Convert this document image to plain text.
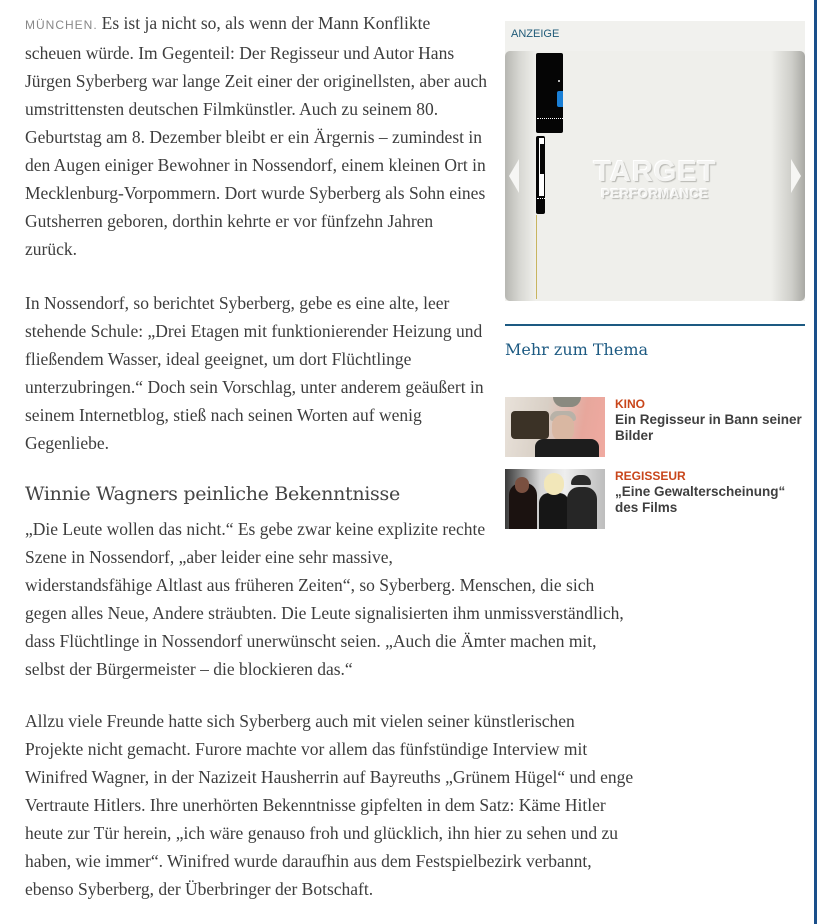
MÜNCHEN. Es ist ja nicht so, als wenn der Mann Konflikte scheuen würde. Im Gegenteil: Der Regisseur und Autor Hans Jürgen Syberberg war lange Zeit einer der originellsten, aber auch umstrittensten deutschen Filmkünstler. Auch zu seinem 80. Geburtstag am 8. Dezember bleibt er ein Ärgernis – zumindest in den Augen einiger Bewohner in Nossendorf, einem kleinen Ort in Mecklenburg-Vorpommern. Dort wurde Syberberg als Sohn eines Gutsherren geboren, dorthin kehrte er vor fünfzehn Jahren zurück.

In Nossendorf, so berichtet Syberberg, gebe es eine alte, leer stehende Schule: „Drei Etagen mit funktionierender Heizung und fließendem Wasser, ideal geeignet, um dort Flüchtlinge unterzubringen.“ Doch sein Vorschlag, unter anderem geäußert in seinem Internetblog, stieß nach seinen Worten auf wenig Gegenliebe.

Winnie Wagners peinliche Bekenntnisse

„Die Leute wollen das nicht.“ Es gebe zwar keine explizite rechte Szene in Nossendorf, „aber leider eine sehr massive,
widerstandsfähige Altlast aus früheren Zeiten“, so Syberberg. Menschen, die sich gegen alles Neue, Andere sträubten. Die Leute signalisierten ihm unmissverständlich, dass Flüchtlinge in Nossendorf unerwünscht seien. „Auch die Ämter machen mit, selbst der Bürgermeister – die blockieren das.“

Allzu viele Freunde hatte sich Syberberg auch mit vielen seiner künstlerischen Projekte nicht gemacht. Furore machte vor allem das fünfstündige Interview mit Winifred Wagner, in der Nazizeit Hausherrin auf Bayreuths „Grünem Hügel“ und enge Vertraute Hitlers. Ihre unerhörten Bekenntnisse gipfelten in dem Satz: Käme Hitler heute zur Tür herein, „ich wäre genauso froh und glücklich, ihn hier zu sehen und zu haben, wie immer“. Winifred wurde daraufhin aus dem Festspielbezirk verbannt, ebenso Syberberg, der Überbringer der Botschaft.

ANZEIGE
TARGET
PERFORMANCE
Mehr zum Thema
KINO
Ein Regisseur in Bann seiner Bilder
REGISSEUR
„Eine Gewalterscheinung“ des Films
